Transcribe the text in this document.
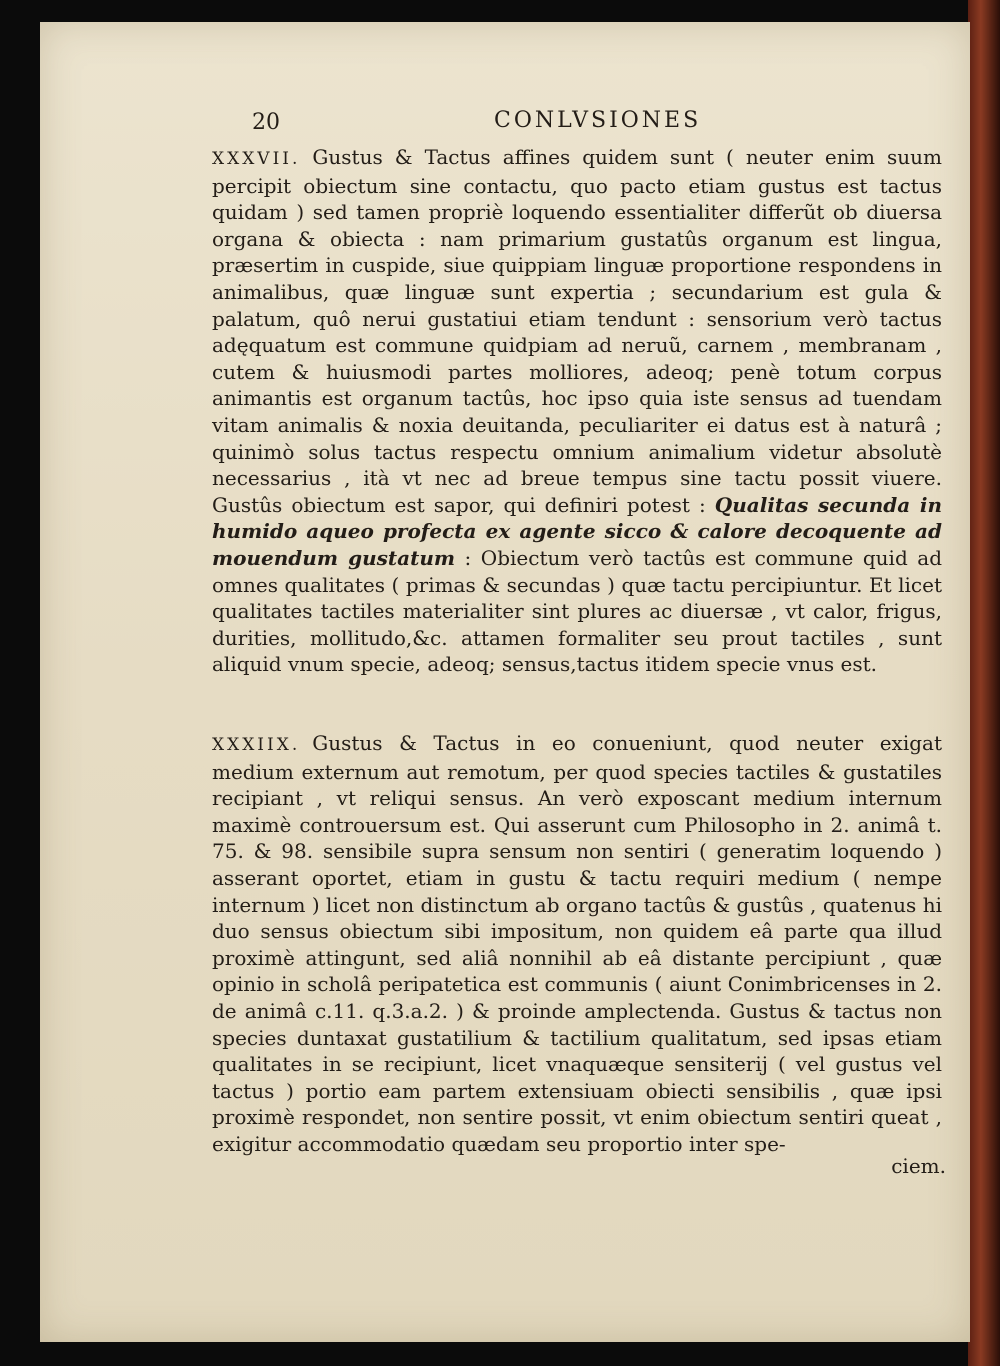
20	CONLVSIONES

XXXVII. Gustus & Tactus affines quidem sunt ( neuter enim suum percipit obiectum sine contactu, quo pacto etiam gustus est tactus quidam ) sed tamen propriè loquendo essentialiter differũt ob diuersa organa & obiecta : nam primarium gustatûs organum est lingua, præsertim in cuspide, siue quippiam linguæ proportione respondens in animalibus, quæ linguæ sunt expertia ; secundarium est gula & palatum, quô nerui gustatiui etiam tendunt : sensorium verò tactus adęquatum est commune quidpiam ad neruũ, carnem , membranam , cutem & huiusmodi partes molliores, adeoq; penè totum corpus animantis est organum tactûs, hoc ipso quia iste sensus ad tuendam vitam animalis & noxia deuitanda, peculiariter ei datus est à naturâ ; quinimò solus tactus respectu omnium animalium videtur absolutè necessarius , ità vt nec ad breue tempus sine tactu possit viuere. Gustûs obiectum est sapor, qui definiri potest : Qualitas secunda in humido aqueo profecta ex agente sicco & calore decoquente ad mouendum gustatum : Obiectum verò tactûs est commune quid ad omnes qualitates ( primas & secundas ) quæ tactu percipiuntur. Et licet qualitates tactiles materialiter sint plures ac diuersæ , vt calor, frigus, durities, mollitudo,&c. attamen formaliter seu prout tactiles , sunt aliquid vnum specie, adeoq; sensus,tactus itidem specie vnus est.

XXXIIX. Gustus & Tactus in eo conueniunt, quod neuter exigat medium externum aut remotum, per quod species tactiles & gustatiles recipiant , vt reliqui sensus. An verò exposcant medium internum maximè controuersum est. Qui asserunt cum Philosopho in 2. animâ t. 75. & 98. sensibile supra sensum non sentiri ( generatim loquendo ) asserant oportet, etiam in gustu & tactu requiri medium ( nempe internum ) licet non distinctum ab organo tactûs & gustûs , quatenus hi duo sensus obiectum sibi impositum, non quidem eâ parte qua illud proximè attingunt, sed aliâ nonnihil ab eâ distante percipiunt , quæ opinio in scholâ peripatetica est communis ( aiunt Conimbricenses in 2. de animâ c.11. q.3.a.2. ) & proinde amplectenda. Gustus & tactus non species duntaxat gustatilium & tactilium qualitatum, sed ipsas etiam qualitates in se recipiunt, licet vnaquæque sensiterij ( vel gustus vel tactus ) portio eam partem extensiuam obiecti sensibilis , quæ ipsi proximè respondet, non sentire possit, vt enim obiectum sentiri queat , exigitur accommodatio quædam seu proportio inter spe-

ciem.
